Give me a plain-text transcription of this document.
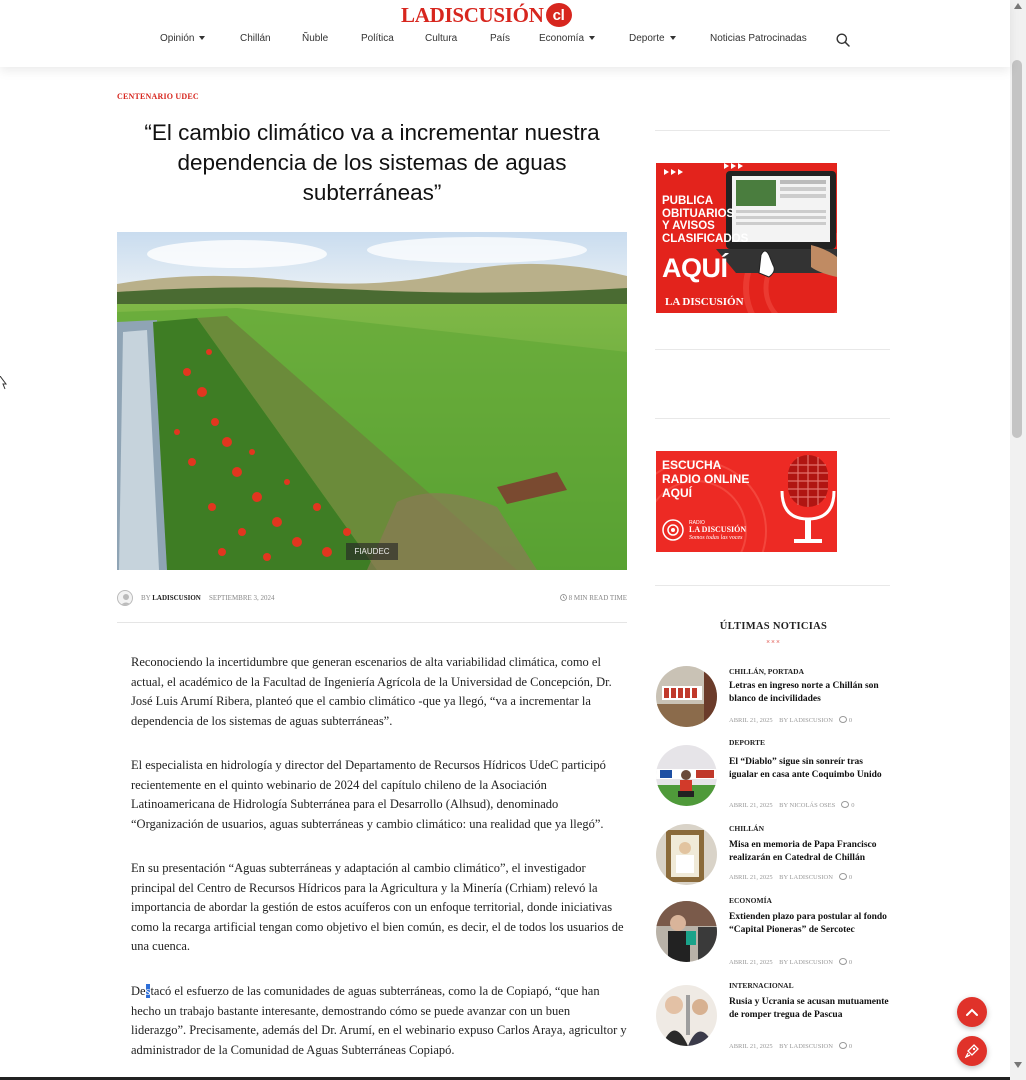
LA DISCUSIÓN cl
Opinión	Chillán	Ñuble	Política	Cultura	País	Economía	Deporte	Noticias Patrocinadas
CENTENARIO UDEC
“El cambio climático va a incrementar nuestra dependencia de los sistemas de aguas subterráneas”
FIAUDEC
BY LADISCUSION SEPTIEMBRE 3, 2024	8 MIN READ TIME

Reconociendo la incertidumbre que generan escenarios de alta variabilidad climática, como el actual, el académico de la Facultad de Ingeniería Agrícola de la Universidad de Concepción, Dr. José Luis Arumí Ribera, planteó que el cambio climático -que ya llegó, “va a incrementar la dependencia de los sistemas de aguas subterráneas”.

El especialista en hidrología y director del Departamento de Recursos Hídricos UdeC participó recientemente en el quinto webinario de 2024 del capítulo chileno de la Asociación Latinoamericana de Hidrología Subterránea para el Desarrollo (Alhsud), denominado “Organización de usuarios, aguas subterráneas y cambio climático: una realidad que ya llegó”.

En su presentación “Aguas subterráneas y adaptación al cambio climático”, el investigador principal del Centro de Recursos Hídricos para la Agricultura y la Minería (Crhiam) relevó la importancia de abordar la gestión de estos acuíferos con un enfoque territorial, donde iniciativas como la recarga artificial tengan como objetivo el bien común, es decir, el de todos los usuarios de una cuenca.

Destacó el esfuerzo de las comunidades de aguas subterráneas, como la de Copiapó, “que han hecho un trabajo bastante interesante, demostrando cómo se puede avanzar con un buen liderazgo”. Precisamente, además del Dr. Arumí, en el webinario expuso Carlos Araya, agricultor y administrador de la Comunidad de Aguas Subterráneas Copiapó.

PUBLICA
OBITUARIOS
Y AVISOS
CLASIFICADOS
AQUÍ
LA DISCUSIÓN
ESCUCHA
RADIO ONLINE
AQUÍ
RADIO
LA DISCUSIÓN
Somos todas las voces
ÚLTIMAS NOTICIAS
×××
CHILLÁN, PORTADA
Letras en ingreso norte a Chillán son blanco de incivilidades
ABRIL 21, 2025 BY LADISCUSION 0
DEPORTE
El “Diablo” sigue sin sonreír tras igualar en casa ante Coquimbo Unido
ABRIL 21, 2025 BY NICOLÁS OSES 0
CHILLÁN
Misa en memoria de Papa Francisco realizarán en Catedral de Chillán
ABRIL 21, 2025 BY LADISCUSION 0
ECONOMÍA
Extienden plazo para postular al fondo “Capital Pioneras” de Sercotec
ABRIL 21, 2025 BY LADISCUSION 0
INTERNACIONAL
Rusia y Ucrania se acusan mutuamente de romper tregua de Pascua
ABRIL 21, 2025 BY LADISCUSION 0
